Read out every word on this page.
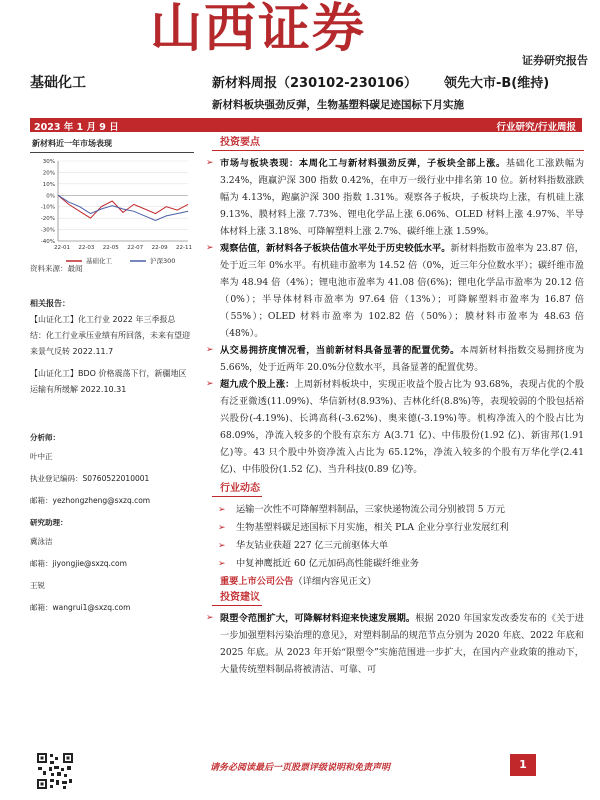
山西证券
证券研究报告
基础化工	新材料周报（230102-230106） 领先大市-B(维持)
新材料板块强劲反弹，生物基塑料碳足迹国标下月实施
2023 年 1 月 9 日	行业研究/行业周报
新材料近一年市场表现
30%
20%
10%
0%
-10%
-20%
-30%
-40%
22-01 22-03 22-05 22-07 22-09 22-11
基础化工	沪深300
资料来源：最闻
相关报告：
【山证化工】化工行业 2022 年三季报总结：化工行业承压业绩有所回落，未来有望迎来景气反转 2022.11.7
【山证化工】BDO 价格震荡下行，新疆地区运输有所缓解 2022.10.31
分析师：
叶中正
执业登记编码：S0760522010001
邮箱：yezhongzheng@sxzq.com
研究助理：
冀泳洁
邮箱：jiyongjie@sxzq.com
王锐
邮箱：wangrui1@sxzq.com
投资要点
➢ 市场与板块表现：本周化工与新材料强劲反弹，子板块全部上涨。基础化工涨跌幅为 3.24%，跑赢沪深 300 指数 0.42%，在申万一级行业中排名第 10 位。新材料指数涨跌幅为 4.13%，跑赢沪深 300 指数 1.31%。观察各子板块，子板块均上涨，有机硅上涨 9.13%、膜材料上涨 7.73%、锂电化学品上涨 6.06%、OLED 材料上涨 4.97%、半导体材料上涨 3.18%、可降解塑料上涨 2.7%、碳纤维上涨 1.59%。
➢ 观察估值，新材料各子板块估值水平处于历史较低水平。新材料指数市盈率为 23.87 倍，处于近三年 0%水平。有机硅市盈率为 14.52 倍（0%，近三年分位数水平）；碳纤维市盈率为 48.94 倍（4%）；锂电池市盈率为 41.08 倍(6%)；锂电化学品市盈率为 20.12 倍（0%）；半导体材料市盈率为 97.64 倍（13%）；可降解塑料市盈率为 16.87 倍（55%）；OLED 材料市盈率为 102.82 倍（50%）；膜材料市盈率为 48.63 倍（48%）。
➢ 从交易拥挤度情况看，当前新材料具备显著的配置优势。本周新材料指数交易拥挤度为 5.66%，处于近两年 20.0%分位数水平，具备显著的配置优势。
➢ 超九成个股上涨：上周新材料板块中，实现正收益个股占比为 93.68%，表现占优的个股有泛亚微透(11.09%)、华信新材(8.93%)、吉林化纤(8.8%)等，表现较弱的个股包括裕兴股份(-4.19%)、长鸿高科(-3.62%)、奥来德(-3.19%)等。机构净流入的个股占比为 68.09%，净流入较多的个股有京东方 A(3.71 亿)、中伟股份(1.92 亿)、新宙邦(1.91 亿)等。43 只个股中外资净流入占比为 65.12%，净流入较多的个股有万华化学(2.41 亿)、中伟股份(1.52 亿)、当升科技(0.89 亿)等。
行业动态
➢ 运输一次性不可降解塑料制品，三家快递物流公司分别被罚 5 万元
➢ 生物基塑料碳足迹国标下月实施，相关 PLA 企业分享行业发展红利
➢ 华友钴业获超 227 亿三元前驱体大单
➢ 中复神鹰抵近 60 亿元加码高性能碳纤维业务
重要上市公司公告（详细内容见正文）
投资建议
➢ 限塑令范围扩大，可降解材料迎来快速发展期。根据 2020 年国家发改委发布的《关于进一步加强塑料污染治理的意见》，对塑料制品的规范节点分别为 2020 年底、2022 年底和 2025 年底。从 2023 年开始“限塑令”实施范围进一步扩大，在国内产业政策的推动下，大量传统塑料制品将被清洁、可靠、可
请务必阅读最后一页股票评级说明和免责声明	1
